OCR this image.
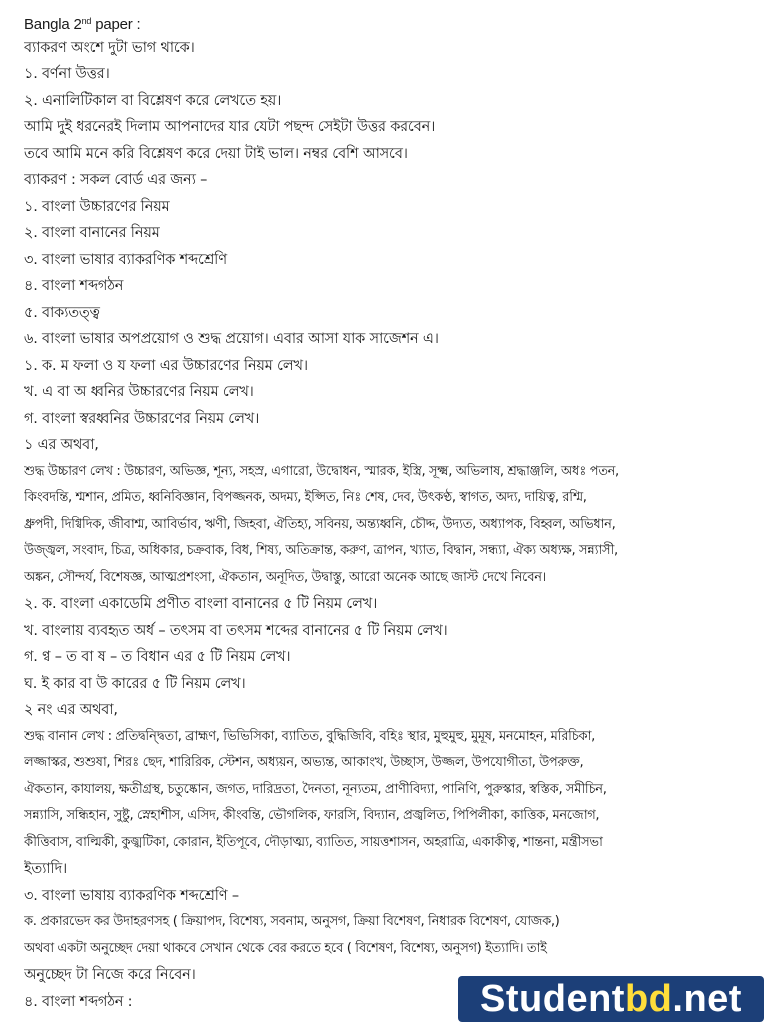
Bangla 2nd paper :
ব্যাকরণ অংশে দুটা ভাগ থাকে।
১. বর্ণনা উত্তর।
২. এনালিটিকাল বা বিশ্লেষণ করে লেখতে হয়।
আমি দুই ধরনেরই দিলাম আপনাদের যার যেটা পছন্দ সেইটা উত্তর করবেন।
তবে আমি মনে করি বিশ্লেষণ করে দেয়া টাই ভাল। নম্বর বেশি আসবে।
ব্যাকরণ : সকল বোর্ড এর জন্য –
১. বাংলা উচ্চারণের নিয়ম
২. বাংলা বানানের নিয়ম
৩. বাংলা ভাষার ব্যাকরণিক শব্দশ্রেণি
৪. বাংলা শব্দগঠন
৫. বাক্যতত্ত্ব
৬. বাংলা ভাষার অপপ্রয়োগ ও শুদ্ধ প্রয়োগ। এবার আসা যাক সাজেশন এ।
১. ক. ম ফলা ও য ফলা এর উচ্চারণের নিয়ম লেখ।
খ. এ বা অ ধ্বনির উচ্চারণের নিয়ম লেখ।
গ. বাংলা স্বরধ্বনির উচ্চারণের নিয়ম লেখ।
১ এর অথবা,
শুদ্ধ উচ্চারণ লেখ : উচ্চারণ, অভিজ্ঞ, শূন্য, সহস্র, এগারো, উদ্বোধন, স্মারক, ইস্ত্রি, সূক্ষ্ম, অভিলাষ, শ্রদ্ধাঞ্জলি, অধঃ পতন,
কিংবদন্তি, শ্মশান, প্রমিত, ধ্বনিবিজ্ঞান, বিপজ্জনক, অদম্য, ইপ্সিত, নিঃ শেষ, দেব, উৎকণ্ঠ, স্বাগত, অদ্য, দায়িত্ব, রশ্মি,
ধ্রুপদী, দিগ্বিদিক, জীবাশ্ম, আবির্ভাব, ঋণী, জিহবা, ঐতিহ্য, সবিনয়, অন্ত্যধ্বনি, চৌদ্দ, উদ্যত, অধ্যাপক, বিহ্বল, অভিধান,
উজ্জ্বল, সংবাদ, চিত্র, অধিকার, চক্রবাক, বিধ, শিষ্য, অতিক্রান্ত, করুণ, ত্রাপন, খ্যাত, বিদ্বান, সন্ধ্যা, ঐক্য অধ্যক্ষ, সন্ন্যাসী,
অঙ্কন, সৌন্দর্য, বিশেষজ্ঞ, আত্মপ্রশংসা, ঐকতান, অনূদিত, উদ্বাস্তু, আরো অনেক আছে জাস্ট দেখে নিবেন।
২. ক. বাংলা একাডেমি প্রণীত বাংলা বানানের ৫ টি নিয়ম লেখ।
খ. বাংলায় ব্যবহৃত অর্ধ – তৎসম বা তৎসম শব্দের বানানের ৫ টি নিয়ম লেখ।
গ. ণ্ব – ত বা ষ – ত বিধান এর ৫ টি নিয়ম লেখ।
ঘ. ই কার বা উ কারের ৫ টি নিয়ম লেখ।
২ নং এর অথবা,
শুদ্ধ বানান লেখ : প্রতিদ্বন্দ্বিতা, ব্রাহ্মণ, ভিভিসিকা, ব্যাতিত, বুদ্ধিজিবি, বহিঃ স্থার, মুহুমুহু, মুমূষ, মনমোহন, মরিচিকা,
লজ্জাস্কর, শুশুষা, শিরঃ ছেদ, শারিরিক, স্টেশন, অধ্যয়ন, অভ্যন্ত, আকাংখ, উচ্ছাস, উজ্জল, উপযোগীতা, উপরুক্ত,
ঐকতান, কাযালয়, ক্ষতীগ্রস্থ, চতুষ্কোন, জগত, দারিদ্রতা, দৈনতা, নূন্যতম, প্রাণীবিদ্যা, পানিণি, পুরুস্কার, স্বস্তিক, সমীচিন,
সন্ন্যাসি, সন্ধিহান, সুষ্টু, স্নেহাশীস, এসিদ, কীংবন্তি, ভৌগলিক, ফারসি, বিদ্যান, প্রজ্বলিত, পিপিলীকা, কাত্তিক, মনজোগ,
কীত্তিবাস, বাল্মিকী, কুজ্ঝটিকা, কোরান, ইতিপূবে, দৌড়াত্ম্য, ব্যাতিত, সায়ত্তশাসন, অহরাত্রি, একাকীত্ব, শান্তনা, মন্ত্রীসভা
ইত্যাদি।
৩. বাংলা ভাষায় ব্যাকরণিক শব্দশ্রেণি –
ক. প্রকারভেদ কর উদাহরণসহ ( ক্রিয়াপদ, বিশেষ্য, সবনাম, অনুসগ, ক্রিয়া বিশেষণ, নিধারক বিশেষণ, যোজক,)
অথবা একটা অনুচ্ছেদ দেয়া থাকবে সেখান থেকে বের করতে হবে ( বিশেষণ, বিশেষ্য, অনুসগ) ইত্যাদি। তাই
অনুচ্ছেদ টা নিজে করে নিবেন।
৪. বাংলা শব্দগঠন :	Student bd .net
